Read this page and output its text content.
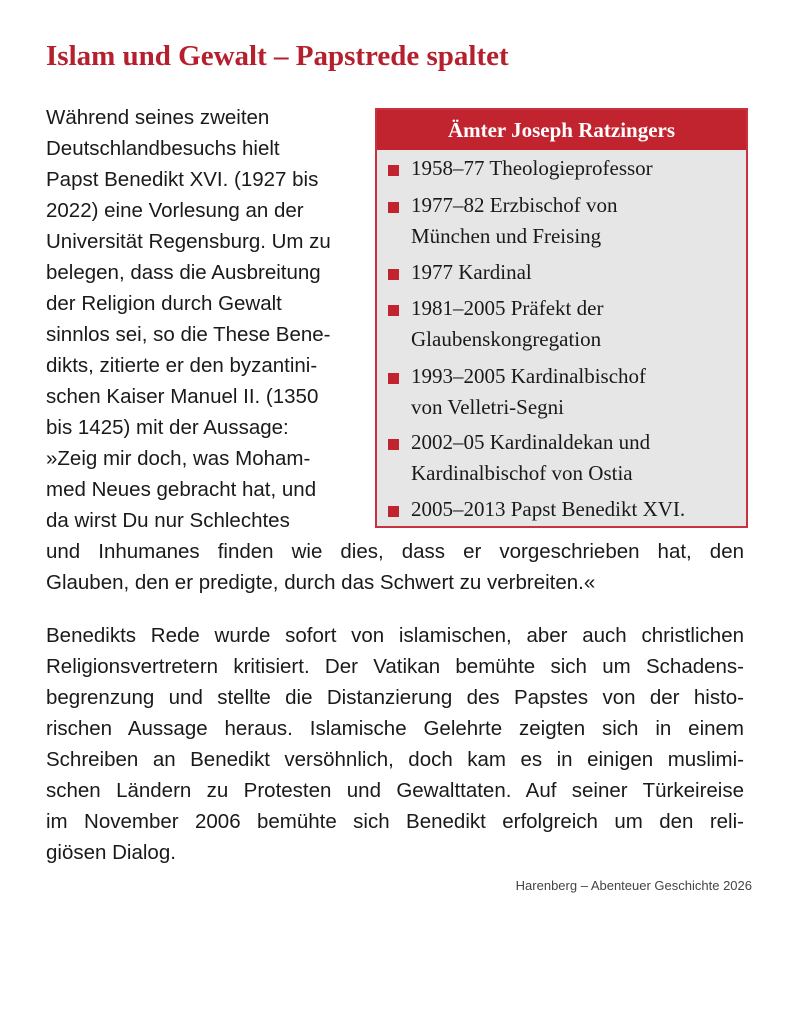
Islam und Gewalt – Papstrede spaltet
Während seines zweiten
Deutschlandbesuchs hielt
Papst Benedikt XVI. (1927 bis
2022) eine Vorlesung an der
Universität Regensburg. Um zu
belegen, dass die Ausbreitung
der Religion durch Gewalt
sinnlos sei, so die These Bene-
dikts, zitierte er den byzantini-
schen Kaiser Manuel II. (1350
bis 1425) mit der Aussage:
»Zeig mir doch, was Moham-
med Neues gebracht hat, und
da wirst Du nur Schlechtes
und Inhumanes finden wie dies, dass er vorgeschrieben hat, den
Glauben, den er predigte, durch das Schwert zu verbreiten.«
Ämter Joseph Ratzingers
1958–77 Theologieprofessor
1977–82 Erzbischof von
München und Freising
1977 Kardinal
1981–2005 Präfekt der
Glaubenskongregation
1993–2005 Kardinalbischof
von Velletri-Segni
2002–05 Kardinaldekan und
Kardinalbischof von Ostia
2005–2013 Papst Benedikt XVI.
Benedikts Rede wurde sofort von islamischen, aber auch christlichen
Religionsvertretern kritisiert. Der Vatikan bemühte sich um Schadens-
begrenzung und stellte die Distanzierung des Papstes von der histo-
rischen Aussage heraus. Islamische Gelehrte zeigten sich in einem
Schreiben an Benedikt versöhnlich, doch kam es in einigen muslimi-
schen Ländern zu Protesten und Gewalttaten. Auf seiner Türkeireise
im November 2006 bemühte sich Benedikt erfolgreich um den reli-
giösen Dialog.
Harenberg – Abenteuer Geschichte 2026
